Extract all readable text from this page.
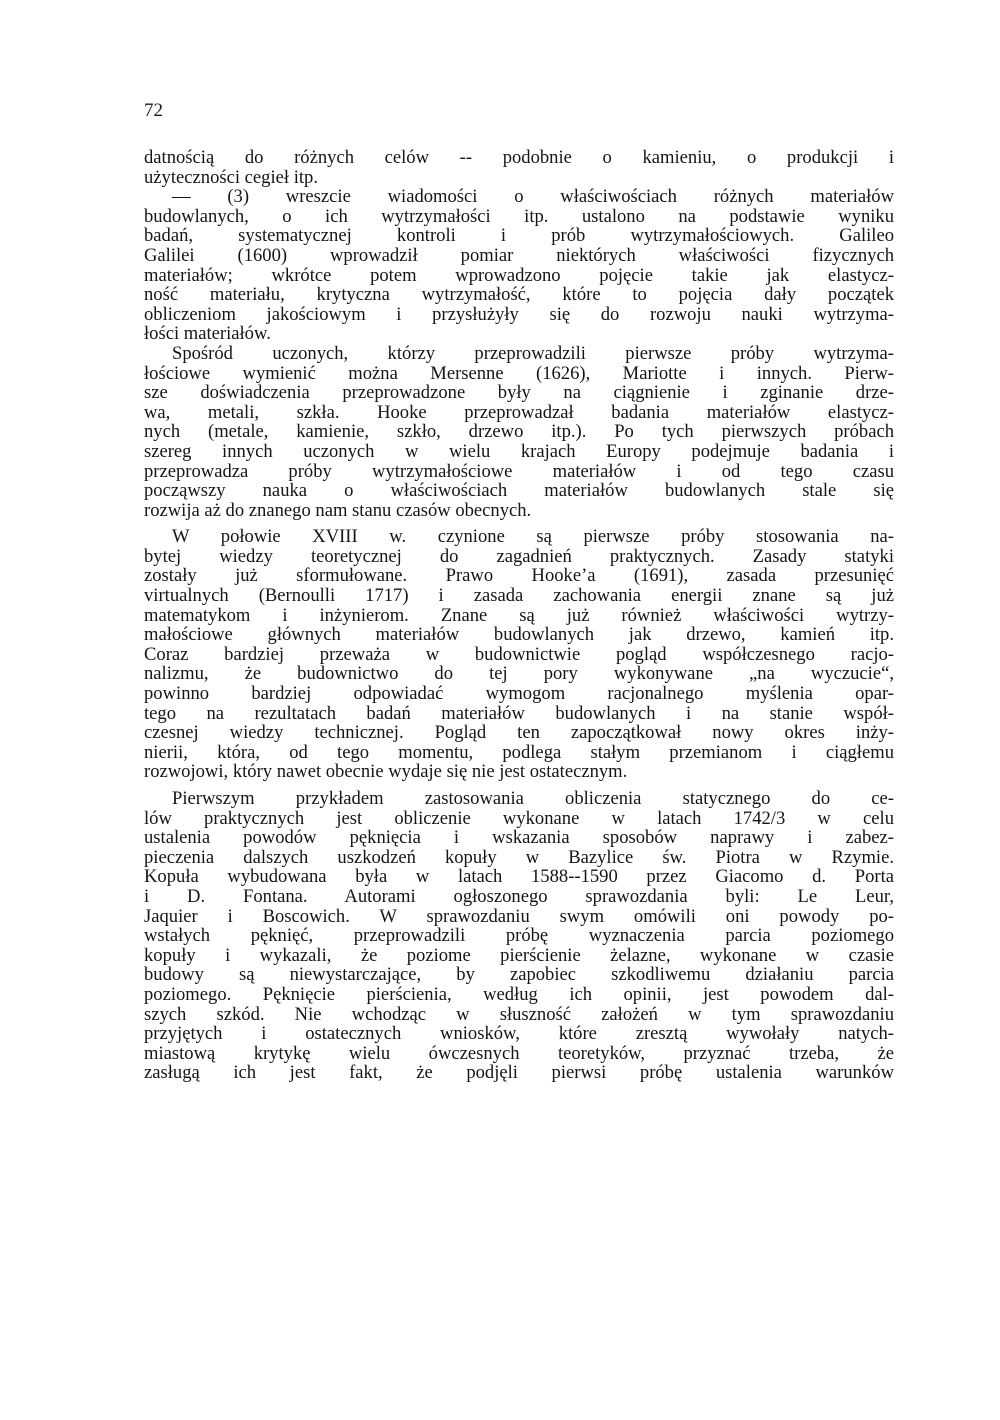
72
datnością do różnych celów -- podobnie o kamieniu, o produkcji i
użyteczności cegieł itp.
— (3) wreszcie wiadomości o właściwościach różnych materiałów
budowlanych, o ich wytrzymałości itp. ustalono na podstawie wyniku
badań, systematycznej kontroli i prób wytrzymałościowych. Galileo
Galilei (1600) wprowadził pomiar niektórych właściwości fizycznych
materiałów; wkrótce potem wprowadzono pojęcie takie jak elastycz-
ność materiału, krytyczna wytrzymałość, które to pojęcia dały początek
obliczeniom jakościowym i przysłużyły się do rozwoju nauki wytrzyma-
łości materiałów.
Spośród uczonych, którzy przeprowadzili pierwsze próby wytrzyma-
łościowe wymienić można Mersenne (1626), Mariotte i innych. Pierw-
sze doświadczenia przeprowadzone były na ciągnienie i zginanie drze-
wa, metali, szkła. Hooke przeprowadzał badania materiałów elastycz-
nych (metale, kamienie, szkło, drzewo itp.). Po tych pierwszych próbach
szereg innych uczonych w wielu krajach Europy podejmuje badania i
przeprowadza próby wytrzymałościowe materiałów i od tego czasu
począwszy nauka o właściwościach materiałów budowlanych stale się
rozwija aż do znanego nam stanu czasów obecnych.
W połowie XVIII w. czynione są pierwsze próby stosowania na-
bytej wiedzy teoretycznej do zagadnień praktycznych. Zasady statyki
zostały już sformułowane. Prawo Hooke’a (1691), zasada przesunięć
virtualnych (Bernoulli 1717) i zasada zachowania energii znane są już
matematykom i inżynierom. Znane są już również właściwości wytrzy-
małościowe głównych materiałów budowlanych jak drzewo, kamień itp.
Coraz bardziej przeważa w budownictwie pogląd współczesnego racjo-
nalizmu, że budownictwo do tej pory wykonywane „na wyczucie“,
powinno bardziej odpowiadać wymogom racjonalnego myślenia opar-
tego na rezultatach badań materiałów budowlanych i na stanie współ-
czesnej wiedzy technicznej. Pogląd ten zapoczątkował nowy okres inży-
nierii, która, od tego momentu, podlega stałym przemianom i ciągłemu
rozwojowi, który nawet obecnie wydaje się nie jest ostatecznym.
Pierwszym przykładem zastosowania obliczenia statycznego do ce-
lów praktycznych jest obliczenie wykonane w latach 1742/3 w celu
ustalenia powodów pęknięcia i wskazania sposobów naprawy i zabez-
pieczenia dalszych uszkodzeń kopuły w Bazylice św. Piotra w Rzymie.
Kopuła wybudowana była w latach 1588--1590 przez Giacomo d. Porta
i D. Fontana. Autorami ogłoszonego sprawozdania byli: Le Leur,
Jaquier i Boscowich. W sprawozdaniu swym omówili oni powody po-
wstałych pęknięć, przeprowadzili próbę wyznaczenia parcia poziomego
kopuły i wykazali, że poziome pierścienie żelazne, wykonane w czasie
budowy są niewystarczające, by zapobiec szkodliwemu działaniu parcia
poziomego. Pęknięcie pierścienia, według ich opinii, jest powodem dal-
szych szkód. Nie wchodząc w słuszność założeń w tym sprawozdaniu
przyjętych i ostatecznych wniosków, które zresztą wywołały natych-
miastową krytykę wielu ówczesnych teoretyków, przyznać trzeba, że
zasługą ich jest fakt, że podjęli pierwsi próbę ustalenia warunków
